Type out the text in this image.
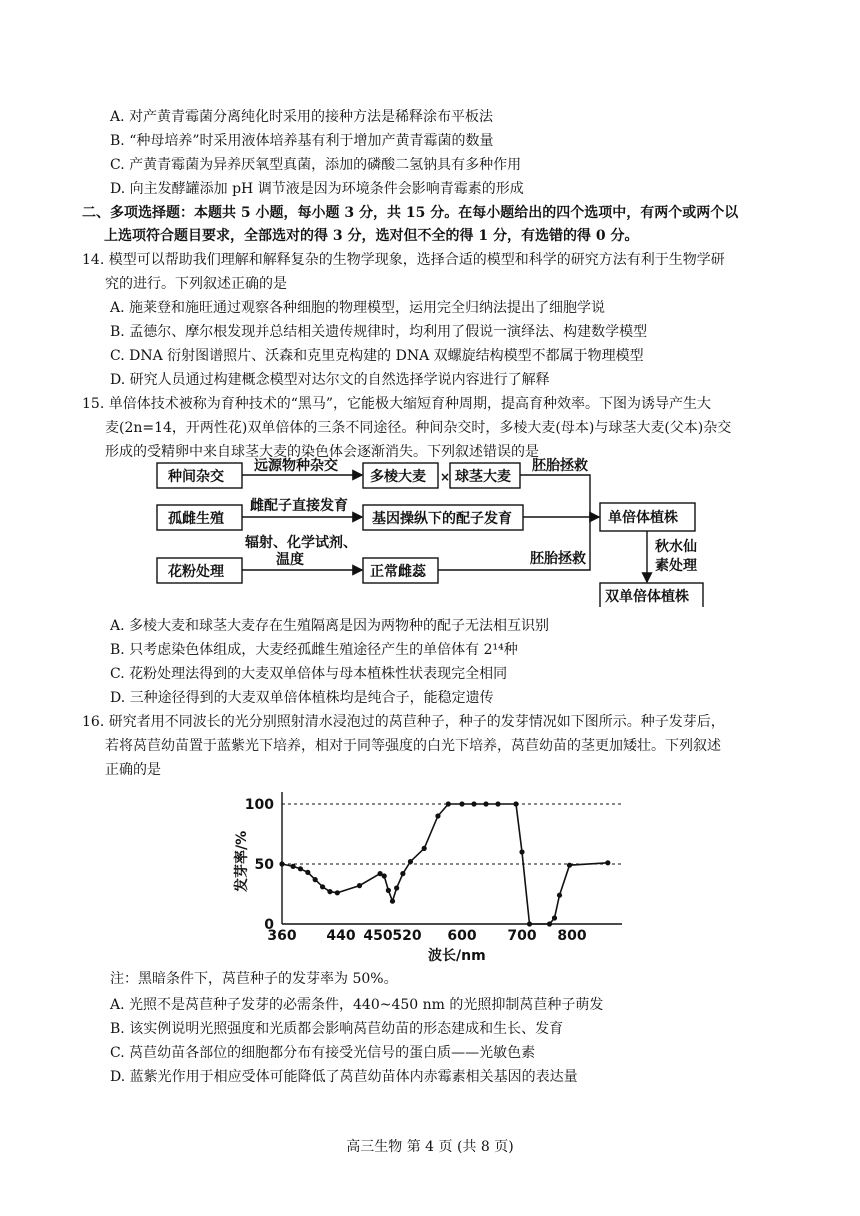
A. 对产黄青霉菌分离纯化时采用的接种方法是稀释涂布平板法
B. “种母培养”时采用液体培养基有利于增加产黄青霉菌的数量
C. 产黄青霉菌为异养厌氧型真菌，添加的磷酸二氢钠具有多种作用
D. 向主发酵罐添加 pH 调节液是因为环境条件会影响青霉素的形成
二、多项选择题：本题共 5 小题，每小题 3 分，共 15 分。在每小题给出的四个选项中，有两个或两个以
上选项符合题目要求，全部选对的得 3 分，选对但不全的得 1 分，有选错的得 0 分。
14. 模型可以帮助我们理解和解释复杂的生物学现象，选择合适的模型和科学的研究方法有利于生物学研
究的进行。下列叙述正确的是
A. 施莱登和施旺通过观察各种细胞的物理模型，运用完全归纳法提出了细胞学说
B. 孟德尔、摩尔根发现并总结相关遗传规律时，均利用了假说一演绎法、构建数学模型
C. DNA 衍射图谱照片、沃森和克里克构建的 DNA 双螺旋结构模型不都属于物理模型
D. 研究人员通过构建概念模型对达尔文的自然选择学说内容进行了解释
15. 单倍体技术被称为育种技术的“黑马”，它能极大缩短育种周期，提高育种效率。下图为诱导产生大
麦(2n=14，开两性花)双单倍体的三条不同途径。种间杂交时，多棱大麦(母本)与球茎大麦(父本)杂交
形成的受精卵中来自球茎大麦的染色体会逐渐消失。下列叙述错误的是
种间杂交
远源物种杂交
多棱大麦 × 球茎大麦
胚胎拯救
孤雌生殖
雌配子直接发育
基因操纵下的配子发育	单倍体植株
辐射、化学试剂、
温度
花粉处理	正常雌蕊
胚胎拯救
秋水仙
素处理
双单倍体植株
A. 多棱大麦和球茎大麦存在生殖隔离是因为两物种的配子无法相互识别
B. 只考虑染色体组成，大麦经孤雌生殖途径产生的单倍体有 2¹⁴种
C. 花粉处理法得到的大麦双单倍体与母本植株性状表现完全相同
D. 三种途径得到的大麦双单倍体植株均是纯合子，能稳定遗传
16. 研究者用不同波长的光分别照射清水浸泡过的莴苣种子，种子的发芽情况如下图所示。种子发芽后，
若将莴苣幼苗置于蓝紫光下培养，相对于同等强度的白光下培养，莴苣幼苗的茎更加矮壮。下列叙述
正确的是
0
50
100
360 440 450 520 600 700 800
发芽率/%
波长/nm
注：黑暗条件下，莴苣种子的发芽率为 50%。
A. 光照不是莴苣种子发芽的必需条件，440~450 nm 的光照抑制莴苣种子萌发
B. 该实例说明光照强度和光质都会影响莴苣幼苗的形态建成和生长、发育
C. 莴苣幼苗各部位的细胞都分布有接受光信号的蛋白质——光敏色素
D. 蓝紫光作用于相应受体可能降低了莴苣幼苗体内赤霉素相关基因的表达量
高三生物 第 4 页 (共 8 页)
